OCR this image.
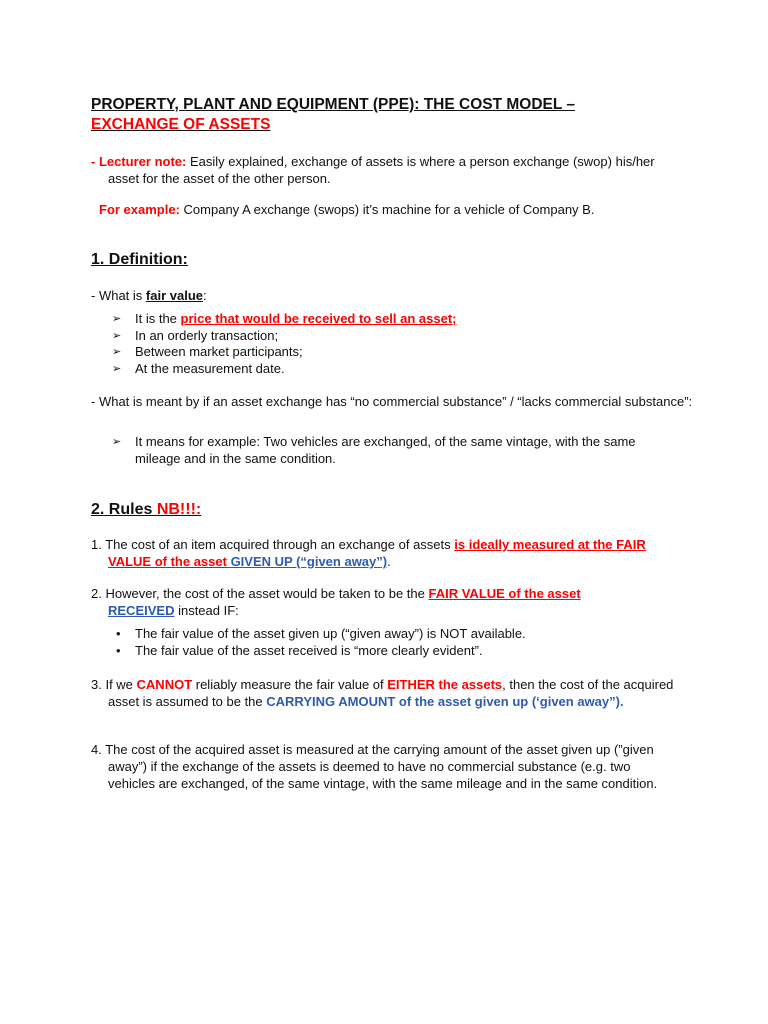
PROPERTY, PLANT AND EQUIPMENT (PPE): THE COST MODEL –
EXCHANGE OF ASSETS
- Lecturer note: Easily explained, exchange of assets is where a person exchange (swop) his/her asset for the asset of the other person.
For example: Company A exchange (swops) it’s machine for a vehicle of Company B.
1. Definition:
- What is fair value:
➢ It is the price that would be received to sell an asset;
➢ In an orderly transaction;
➢ Between market participants;
➢ At the measurement date.
- What is meant by if an asset exchange has “no commercial substance” / “lacks commercial substance”:
➢ It means for example: Two vehicles are exchanged, of the same vintage, with the same mileage and in the same condition.
2. Rules NB!!!:
1. The cost of an item acquired through an exchange of assets is ideally measured at the FAIR VALUE of the asset GIVEN UP (“given away”).
2. However, the cost of the asset would be taken to be the FAIR VALUE of the asset
RECEIVED instead IF:
• The fair value of the asset given up (“given away”) is NOT available.
• The fair value of the asset received is “more clearly evident”.
3. If we CANNOT reliably measure the fair value of EITHER the assets, then the cost of the acquired asset is assumed to be the CARRYING AMOUNT of the asset given up (‘given away”).
4. The cost of the acquired asset is measured at the carrying amount of the asset given up (”given away”) if the exchange of the assets is deemed to have no commercial substance (e.g. two vehicles are exchanged, of the same vintage, with the same mileage and in the same condition.
